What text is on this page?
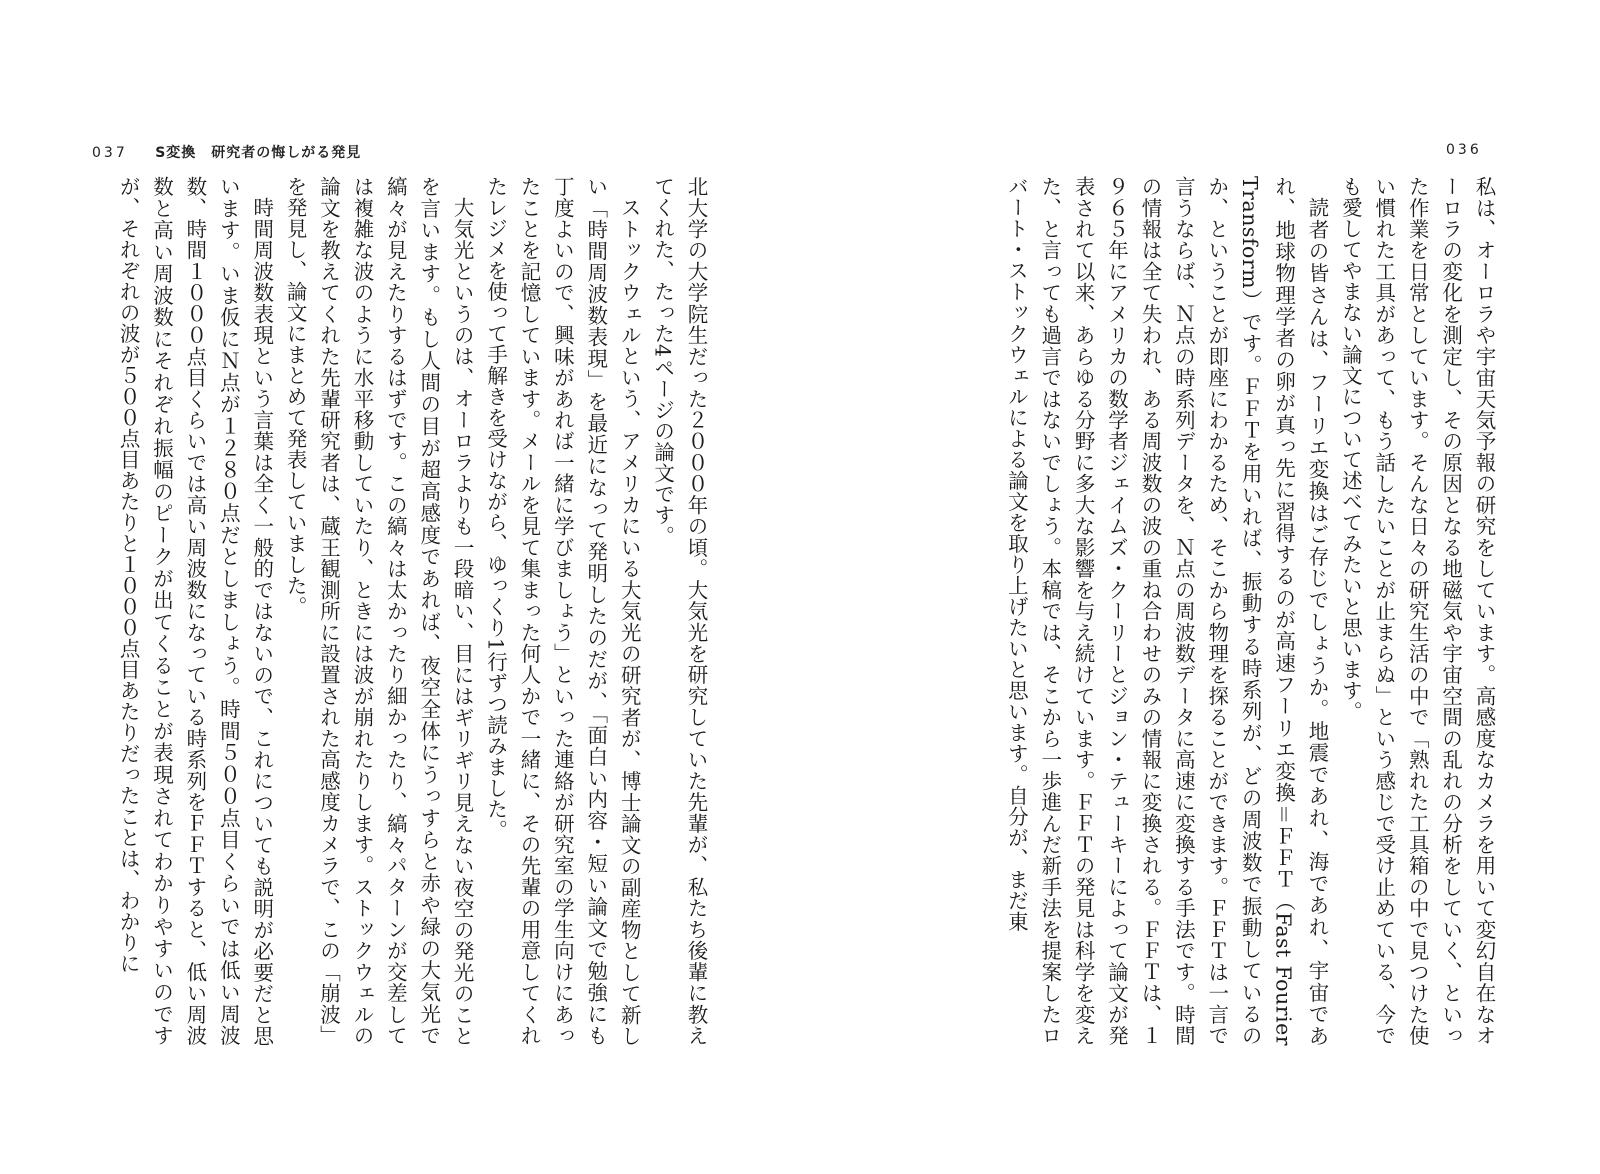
037 S変換　研究者の悔しがる発見	036

私は、オーロラや宇宙天気予報の研究をしています。高感度なカメラを用いて変幻自在なオーロラの変化を測定し、その原因となる地磁気や宇宙空間の乱れの分析をしていく、といった作業を日常としています。そんな日々の研究生活の中で「熟れた工具箱の中で見つけた使い慣れた工具があって、もう話したいことが止まらぬ」という感じで受け止めている、今でも愛してやまない論文について述べてみたいと思います。

読者の皆さんは、フーリエ変換はご存じでしょうか。地震であれ、海であれ、宇宙であれ、地球物理学者の卵が真っ先に習得するのが高速フーリエ変換＝ＦＦＴ（Fast Fourier Transform）です。ＦＦＴを用いれば、振動する時系列が、どの周波数で振動しているのか、ということが即座にわかるため、そこから物理を探ることができます。ＦＦＴは一言で言うならば、Ｎ点の時系列データを、Ｎ点の周波数データに高速に変換する手法です。時間の情報は全て失われ、ある周波数の波の重ね合わせのみの情報に変換される。ＦＦＴは、１９６５年にアメリカの数学者ジェイムズ・クーリーとジョン・テューキーによって論文が発表されて以来、あらゆる分野に多大な影響を与え続けています。ＦＦＴの発見は科学を変えた、と言っても過言ではないでしょう。本稿では、そこから一歩進んだ新手法を提案したロバート・ストックウェルによる論文を取り上げたいと思います。自分が、まだ東

北大学の大学院生だった２０００年の頃。大気光を研究していた先輩が、私たち後輩に教えてくれた、たった4ページの論文です。

ストックウェルという、アメリカにいる大気光の研究者が、博士論文の副産物として新しい「時間周波数表現」を最近になって発明したのだが、「面白い内容・短い論文で勉強にも丁度よいので、興味があれば一緒に学びましょう」といった連絡が研究室の学生向けにあったことを記憶しています。メールを見て集まった何人かで一緒に、その先輩の用意してくれたレジメを使って手解きを受けながら、ゆっくり1行ずつ読みました。

大気光というのは、オーロラよりも一段暗い、目にはギリギリ見えない夜空の発光のことを言います。もし人間の目が超高感度であれば、夜空全体にうっすらと赤や緑の大気光で縞々が見えたりするはずです。この縞々は太かったり細かったり、縞々パターンが交差しては複雑な波のように水平移動していたり、ときには波が崩れたりします。ストックウェルの論文を教えてくれた先輩研究者は、蔵王観測所に設置された高感度カメラで、この「崩波」を発見し、論文にまとめて発表していました。

時間周波数表現という言葉は全く一般的ではないので、これについても説明が必要だと思います。いま仮にＮ点が１２８０点だとしましょう。時間５００点目くらいでは低い周波数、時間１０００点目くらいでは高い周波数になっている時系列をＦＦＴすると、低い周波数と高い周波数にそれぞれ振幅のピークが出てくることが表現されてわかりやすいのですが、それぞれの波が５００点目あたりと１０００点目あたりだったことは、わかりに
